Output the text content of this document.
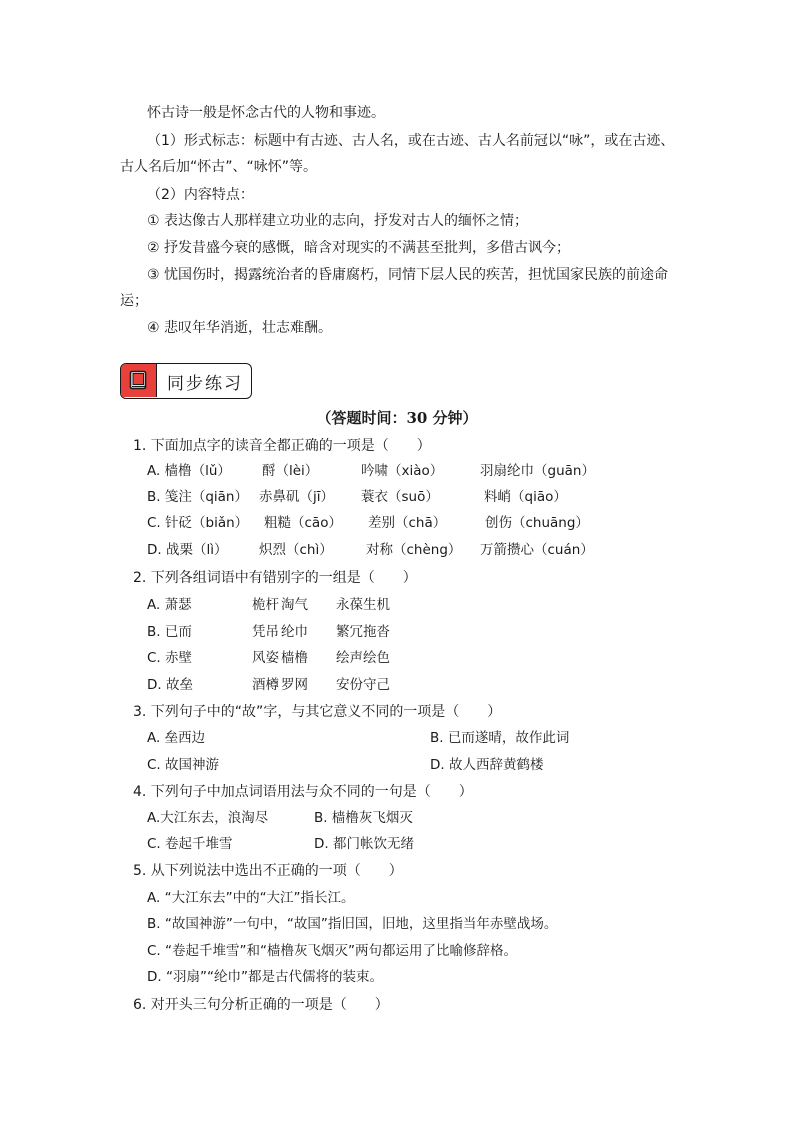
怀古诗一般是怀念古代的人物和事迹。
（1）形式标志：标题中有古迹、古人名，或在古迹、古人名前冠以“咏”，或在古迹、
古人名后加“怀古”、“咏怀”等。
（2）内容特点：
① 表达像古人那样建立功业的志向，抒发对古人的缅怀之情；
② 抒发昔盛今衰的感慨，暗含对现实的不满甚至批判，多借古讽今；
③ 忧国伤时，揭露统治者的昏庸腐朽，同情下层人民的疾苦，担忧国家民族的前途命
运；
④ 悲叹年华消逝，壮志难酬。
同步练习
（答题时间：30 分钟）
1. 下面加点字的读音全都正确的一项是（　　）
A. 樯橹（lǔ） 酹（lèi）	吟啸（xiào）	羽扇纶巾（guān）
B. 笺注（qiān） 赤鼻矶（jī） 蓑衣（suō）	料峭（qiāo）
C. 针砭（biǎn） 粗糙（cāo） 差别（chā）	创伤（chuāng）
D. 战栗（lì） 炽烈（chì） 对称（chèng） 万箭攒心（cuán）
2. 下列各组词语中有错别字的一组是（　　）
A. 萧瑟	桅杆 淘气 永葆生机
B. 已而	凭吊 纶巾 繁冗拖沓
C. 赤壁	风姿 樯橹 绘声绘色
D. 故垒	酒樽 罗网 安份守己
3. 下列句子中的“故”字，与其它意义不同的一项是（　　）
A. 垒西边	B. 已而遂晴，故作此词
C. 故国神游	D. 故人西辞黄鹤楼
4. 下列句子中加点词语用法与众不同的一句是（　　）
A.大江东去，浪淘尽	B. 樯橹灰飞烟灭
C. 卷起千堆雪	D. 都门帐饮无绪
5. 从下列说法中选出不正确的一项（　　）
A. “大江东去”中的“大江”指长江。
B. “故国神游”一句中，“故国”指旧国，旧地，这里指当年赤壁战场。
C. “卷起千堆雪”和“樯橹灰飞烟灭”两句都运用了比喻修辞格。
D. “羽扇”“纶巾”都是古代儒将的装束。
6. 对开头三句分析正确的一项是（　　）
